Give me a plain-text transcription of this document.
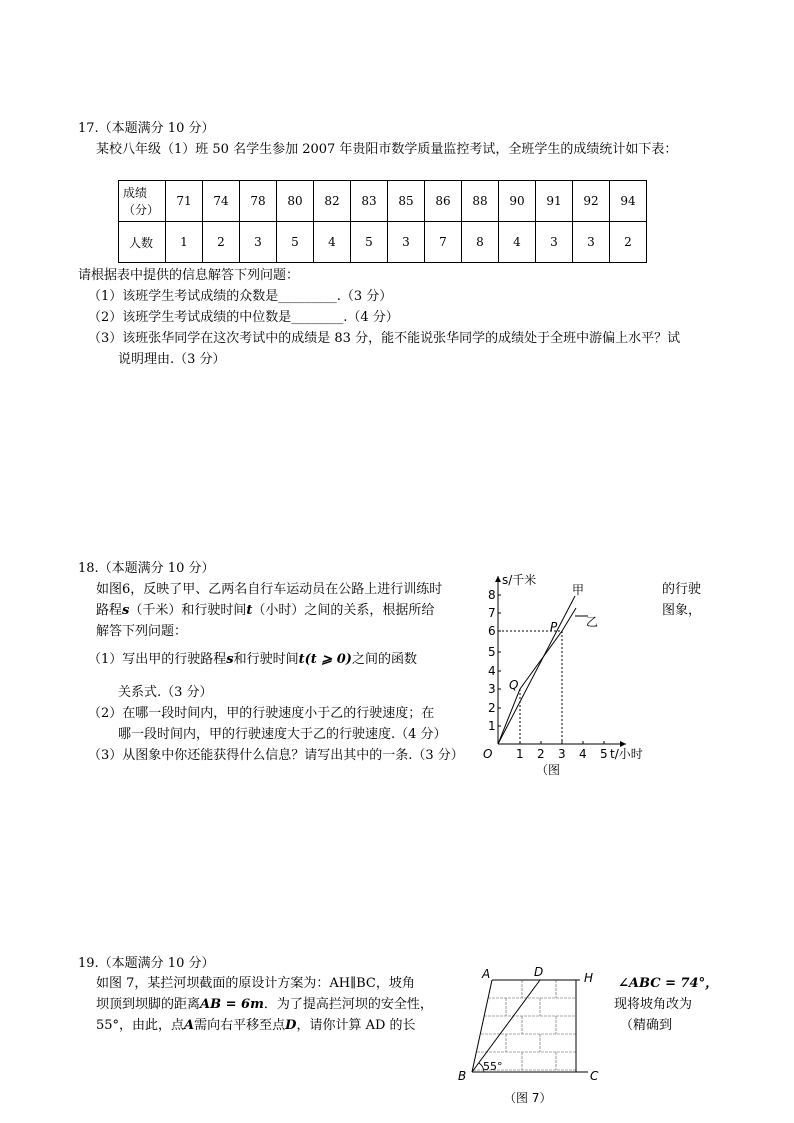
17.（本题满分 10 分）
某校八年级（1）班 50 名学生参加 2007 年贵阳市数学质量监控考试，全班学生的成绩统计如下表：
成绩（分）	71	74	78	80	82	83	85	86	88	90	91	92	94
人数	1	2	3	5	4	5	3	7	8	4	3	3	2
请根据表中提供的信息解答下列问题：
（1）该班学生考试成绩的众数是_________.（3 分）
（2）该班学生考试成绩的中位数是________.（4 分）
（3）该班张华同学在这次考试中的成绩是 83 分，能不能说张华同学的成绩处于全班中游偏上水平？试
说明理由.（3 分）
18.（本题满分 10 分）
如图6，反映了甲、乙两名自行车运动员在公路上进行训练时	的行驶
路程s（千米）和行驶时间t（小时）之间的关系，根据所给	图象，
解答下列问题：
（1）写出甲的行驶路程s和行驶时间t(t ⩾ 0)之间的函数
关系式.（3 分）
（2）在哪一段时间内，甲的行驶速度小于乙的行驶速度；在
哪一段时间内，甲的行驶速度大于乙的行驶速度.（4 分）
（3）从图象中你还能获得什么信息？请写出其中的一条.（3 分）
1
2
3
4
5
6
7
8
1 2 3 4 5
O
s/千米
t/小时
甲
乙
P
Q
（图
19.（本题满分 10 分）
如图 7，某拦河坝截面的原设计方案为：AH∥BC，坡角	∠ABC = 74°，
坝顶到坝脚的距离AB = 6m．为了提高拦河坝的安全性，	现将坡角改为
55°，由此，点A需向右平移至点D，请你计算 AD 的长	（精确到
A	D	H
B	C
55°
（图 7）
